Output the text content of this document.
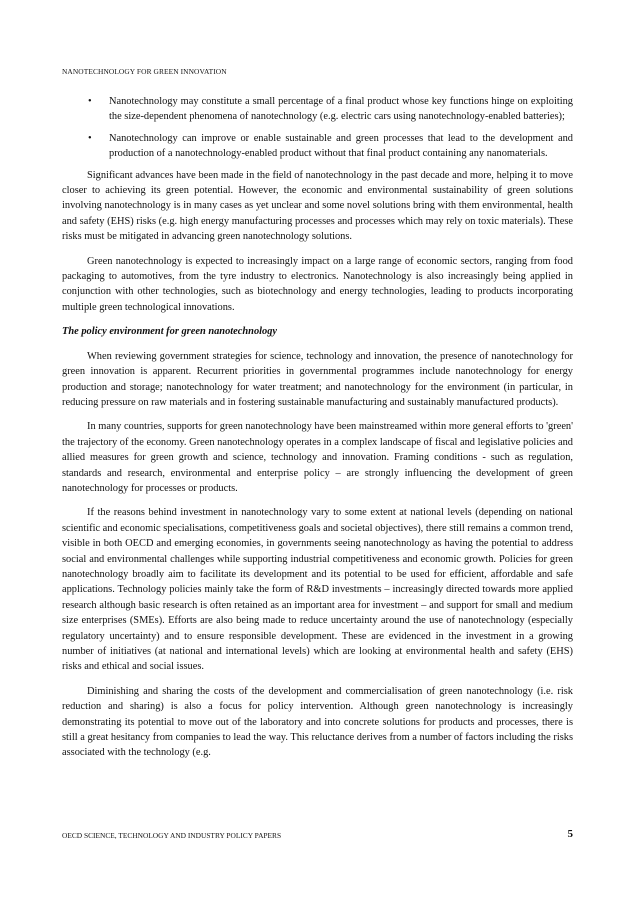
NANOTECHNOLOGY FOR GREEN INNOVATION
• Nanotechnology may constitute a small percentage of a final product whose key functions hinge on exploiting the size-dependent phenomena of nanotechnology (e.g. electric cars using nanotechnology-enabled batteries);
• Nanotechnology can improve or enable sustainable and green processes that lead to the development and production of a nanotechnology-enabled product without that final product containing any nanomaterials.

Significant advances have been made in the field of nanotechnology in the past decade and more, helping it to move closer to achieving its green potential. However, the economic and environmental sustainability of green solutions involving nanotechnology is in many cases as yet unclear and some novel solutions bring with them environmental, health and safety (EHS) risks (e.g. high energy manufacturing processes and processes which may rely on toxic materials). These risks must be mitigated in advancing green nanotechnology solutions.

Green nanotechnology is expected to increasingly impact on a large range of economic sectors, ranging from food packaging to automotives, from the tyre industry to electronics. Nanotechnology is also increasingly being applied in conjunction with other technologies, such as biotechnology and energy technologies, leading to products incorporating multiple green technological innovations.

The policy environment for green nanotechnology

When reviewing government strategies for science, technology and innovation, the presence of nanotechnology for green innovation is apparent. Recurrent priorities in governmental programmes include nanotechnology for energy production and storage; nanotechnology for water treatment; and nanotechnology for the environment (in particular, in reducing pressure on raw materials and in fostering sustainable manufacturing and sustainably manufactured products).

In many countries, supports for green nanotechnology have been mainstreamed within more general efforts to 'green' the trajectory of the economy. Green nanotechnology operates in a complex landscape of fiscal and legislative policies and allied measures for green growth and science, technology and innovation. Framing conditions - such as regulation, standards and research, environmental and enterprise policy – are strongly influencing the development of green nanotechnology for processes or products.

If the reasons behind investment in nanotechnology vary to some extent at national levels (depending on national scientific and economic specialisations, competitiveness goals and societal objectives), there still remains a common trend, visible in both OECD and emerging economies, in governments seeing nanotechnology as having the potential to address social and environmental challenges while supporting industrial competitiveness and economic growth. Policies for green nanotechnology broadly aim to facilitate its development and its potential to be used for efficient, affordable and safe applications. Technology policies mainly take the form of R&D investments – increasingly directed towards more applied research although basic research is often retained as an important area for investment – and support for small and medium size enterprises (SMEs). Efforts are also being made to reduce uncertainty around the use of nanotechnology (especially regulatory uncertainty) and to ensure responsible development. These are evidenced in the investment in a growing number of initiatives (at national and international levels) which are looking at environmental health and safety (EHS) risks and ethical and social issues.

Diminishing and sharing the costs of the development and commercialisation of green nanotechnology (i.e. risk reduction and sharing) is also a focus for policy intervention. Although green nanotechnology is increasingly demonstrating its potential to move out of the laboratory and into concrete solutions for products and processes, there is still a great hesitancy from companies to lead the way. This reluctance derives from a number of factors including the risks associated with the technology (e.g.

OECD SCIENCE, TECHNOLOGY AND INDUSTRY POLICY PAPERS	5
